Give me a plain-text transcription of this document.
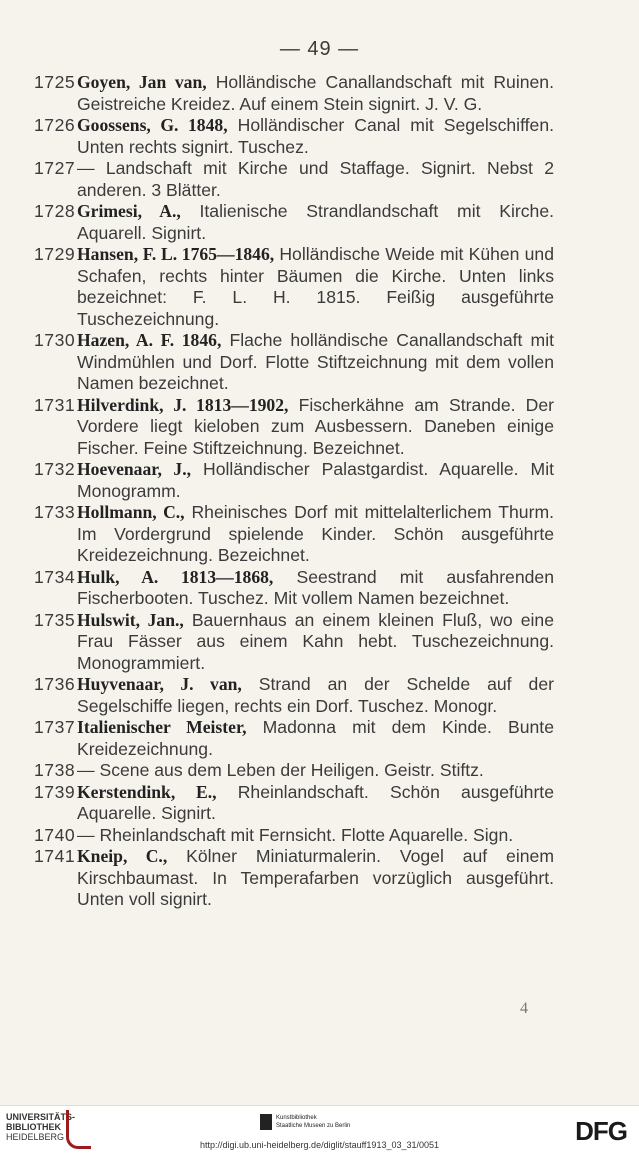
— 49 —
1725 Goyen, Jan van, Holländische Canallandschaft mit Ruinen. Geistreiche Kreidez. Auf einem Stein signirt. J. V. G.
1726 Goossens, G. 1848, Holländischer Canal mit Segelschiffen. Unten rechts signirt. Tuschez.
1727 — Landschaft mit Kirche und Staffage. Signirt. Nebst 2 anderen. 3 Blätter.
1728 Grimesi, A., Italienische Strandlandschaft mit Kirche. Aquarell. Signirt.
1729 Hansen, F. L. 1765—1846, Holländische Weide mit Kühen und Schafen, rechts hinter Bäumen die Kirche. Unten links bezeichnet: F. L. H. 1815. Feißig ausgeführte Tuschezeichnung.
1730 Hazen, A. F. 1846, Flache holländische Canallandschaft mit Windmühlen und Dorf. Flotte Stiftzeichnung mit dem vollen Namen bezeichnet.
1731 Hilverdink, J. 1813—1902, Fischerkähne am Strande. Der Vordere liegt kieloben zum Ausbessern. Daneben einige Fischer. Feine Stiftzeichnung. Bezeichnet.
1732 Hoevenaar, J., Holländischer Palastgardist. Aquarelle. Mit Monogramm.
1733 Hollmann, C., Rheinisches Dorf mit mittelalterlichem Thurm. Im Vordergrund spielende Kinder. Schön ausgeführte Kreidezeichnung. Bezeichnet.
1734 Hulk, A. 1813—1868, Seestrand mit ausfahrenden Fischerbooten. Tuschez. Mit vollem Namen bezeichnet.
1735 Hulswit, Jan., Bauernhaus an einem kleinen Fluß, wo eine Frau Fässer aus einem Kahn hebt. Tuschezeichnung. Monogrammiert.
1736 Huyvenaar, J. van, Strand an der Schelde auf der Segelschiffe liegen, rechts ein Dorf. Tuschez. Monogr.
1737 Italienischer Meister, Madonna mit dem Kinde. Bunte Kreidezeichnung.
1738 — Scene aus dem Leben der Heiligen. Geistr. Stiftz.
1739 Kerstendink, E., Rheinlandschaft. Schön ausgeführte Aquarelle. Signirt.
1740 — Rheinlandschaft mit Fernsicht. Flotte Aquarelle. Sign.
1741 Kneip, C., Kölner Miniaturmalerin. Vogel auf einem Kirschbaumast. In Temperafarben vorzüglich ausgeführt. Unten voll signirt.
4
UNIVERSITÄTS-
BIBLIOTHEK
HEIDELBERG
Kunstbibliothek
Staatliche Museen zu Berlin
http://digi.ub.uni-heidelberg.de/diglit/stauff1913_03_31/0051	DFG
